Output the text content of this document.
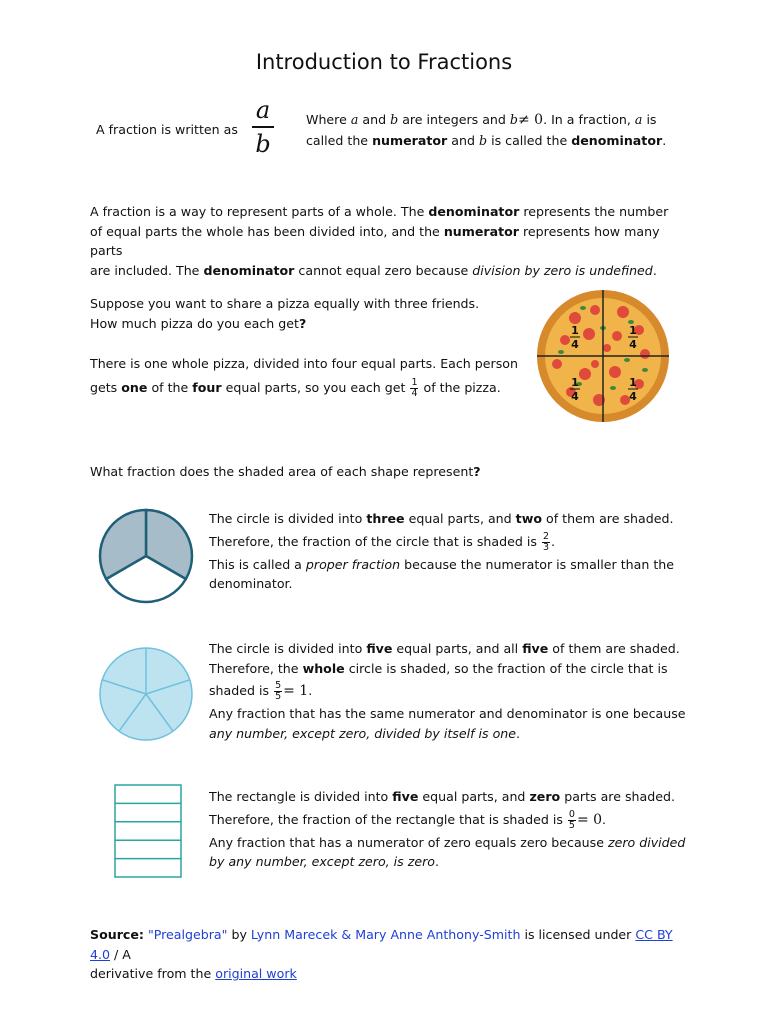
Introduction to Fractions

A fraction is written as

a
b

Where a and b are integers and b≠ 0. In a fraction, a is
called the numerator and b is called the denominator.

A fraction is a way to represent parts of a whole. The denominator represents the number
of equal parts the whole has been divided into, and the numerator represents how many parts
are included. The denominator cannot equal zero because division by zero is undefined.

Suppose you want to share a pizza equally with three friends.
How much pizza do you each get?

There is one whole pizza, divided into four equal parts. Each person
gets one of the four equal parts, so you each get $\frac{1}{4}$ of the pizza.

1
4
1
4
1
4
1
4

What fraction does the shaded area of each shape represent?

The circle is divided into three equal parts, and two of them are shaded.
Therefore, the fraction of the circle that is shaded is $\frac{2}{3}$ .
This is called a proper fraction because the numerator is smaller than the
denominator.

The circle is divided into five equal parts, and all five of them are shaded.
Therefore, the whole circle is shaded, so the fraction of the circle that is
shaded is $\frac{5}{5} = 1$.
Any fraction that has the same numerator and denominator is one because
any number, except zero, divided by itself is one.

The rectangle is divided into five equal parts, and zero parts are shaded.
Therefore, the fraction of the rectangle that is shaded is $\frac{0}{5} = 0$.
Any fraction that has a numerator of zero equals zero because zero divided
by any number, except zero, is zero.

Source: "Prealgebra" by Lynn Marecek & Mary Anne Anthony-Smith is licensed under CC BY 4.0 / A
derivative from the original work
